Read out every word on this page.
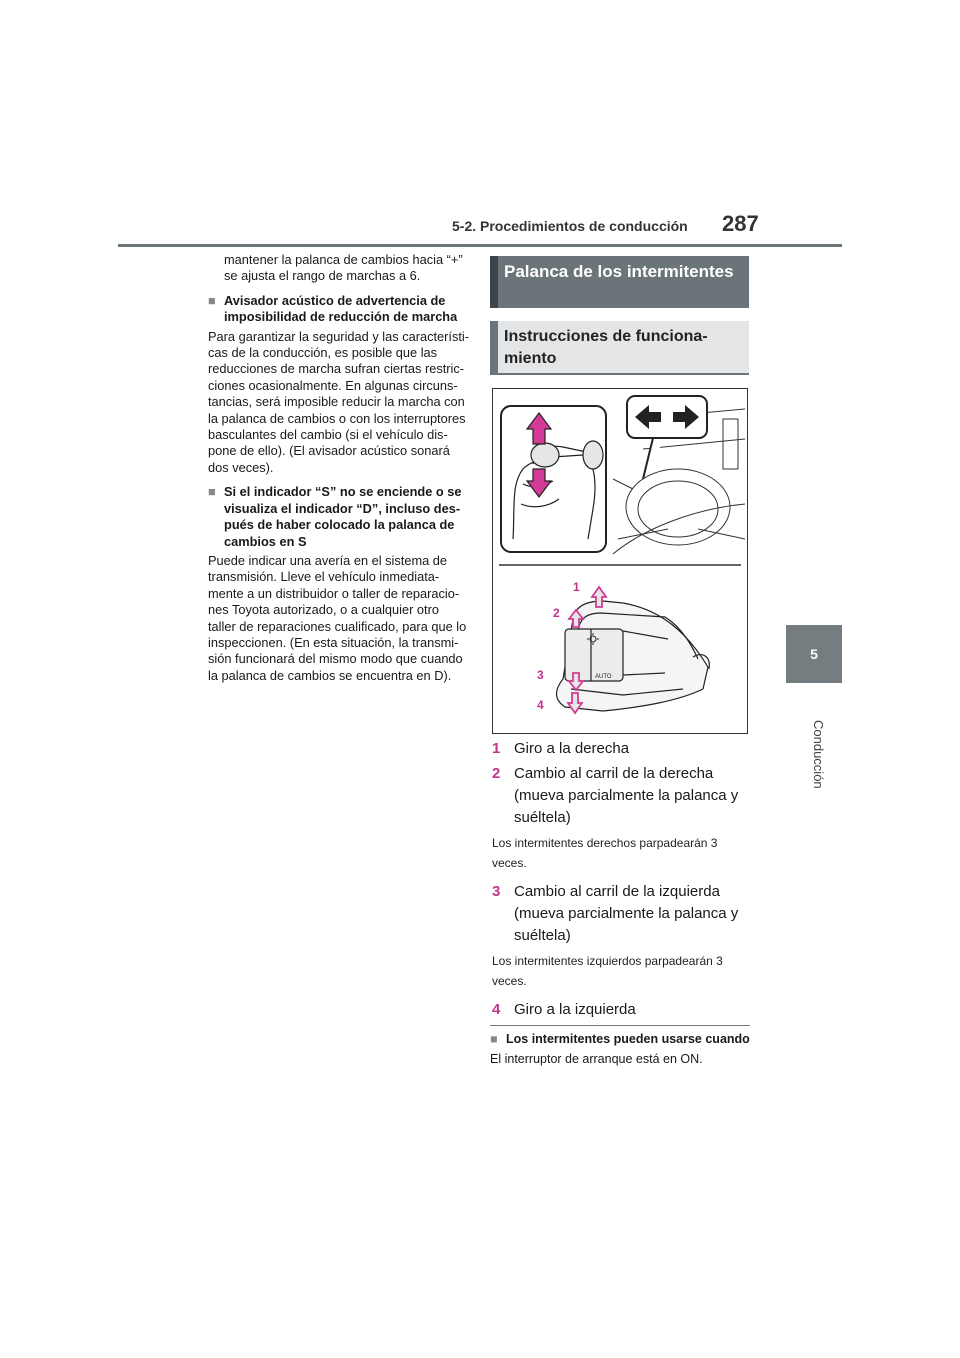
5-2. Procedimientos de conducción	287
5
Conducción

mantener la palanca de cambios hacia “+” se ajusta el rango de marchas a 6.

■ Avisador acústico de advertencia de imposibilidad de reducción de marcha

Para garantizar la seguridad y las características de la conducción, es posible que las reducciones de marcha sufran ciertas restricciones ocasionalmente. En algunas circunstancias, será imposible reducir la marcha con la palanca de cambios o con los interruptores basculantes del cambio (si el vehículo dispone de ello). (El avisador acústico sonará dos veces).

■ Si el indicador “S” no se enciende o se visualiza el indicador “D”, incluso después de haber colocado la palanca de cambios en S

Puede indicar una avería en el sistema de transmisión. Lleve el vehículo inmediatamente a un distribuidor o taller de reparaciones Toyota autorizado, o a cualquier otro taller de reparaciones cualificado, para que lo inspeccionen. (En esta situación, la transmisión funcionará del mismo modo que cuando la palanca de cambios se encuentra en D).

Palanca de los intermitentes
Instrucciones de funcionamiento
AUTO
1
2
3
4
1 Giro a la derecha
2 Cambio al carril de la derecha (mueva parcialmente la palanca y suéltela)
Los intermitentes derechos parpadearán 3 veces.
3 Cambio al carril de la izquierda (mueva parcialmente la palanca y suéltela)
Los intermitentes izquierdos parpadearán 3 veces.
4 Giro a la izquierda
■ Los intermitentes pueden usarse cuando

El interruptor de arranque está en ON.
